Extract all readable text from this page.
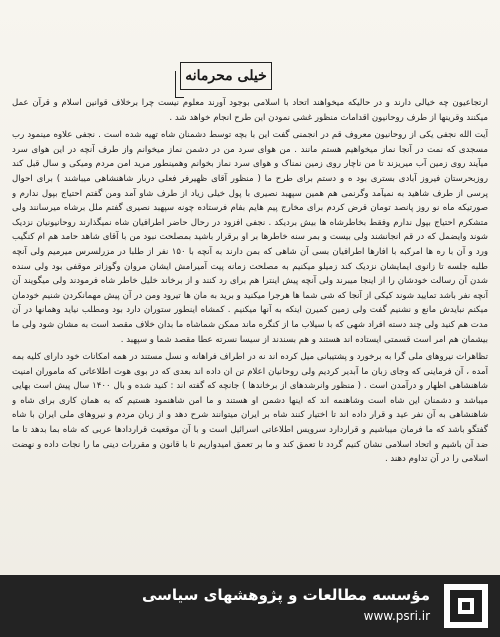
خیلی محرمانه

ارتجاعیون چه خیالی دارند و در حالیکه میخواهند اتحاد با اسلامی بوجود آورند معلوم نیست چرا برخلاف قوانین اسلام و قرآن عمل میکنند وقرینها از طرف روحانیون اقدامات منظور غشی نمودن این طرح انجام خواهد شد .

آیت الله نجفی یکی از روحانیون معروف قم در انجمنی گفت این با بچه توسط دشمنان شاه تهیه شده است . نجفی علاوه مینمود رب مسجدی که نمت در آنجا نماز میخواهیم هستم مانند . من هوای سرد من در دشمن نماز میخوانم واز طرف آنچه در این هوای سرد میآیند روی زمین آب میریزند تا من ناچار روی زمین نمناک و هوای سرد نماز بخوانم وهمینطور مرید امن مردم ومیکی و سال قبل کند روزبحرستان فیروز آبادی بستری بود ه و دستم برای طرح ما ( منظور آقای ظهیرفر فعلی دربار شاهنشاهی میباشند ) برای احوال پرسی از طرف شاهید به نمیآمد وگرنمی هم همین سپهبد نصیری با پول خیلی زیاد از طرف شاو آمد ومن گفتم احتیاج بپول ندارم و صورتیکه ماه نو روز پانصد تومان قرض کردم برای مخارج پیم هایم بفام فرستاده چونه سپهبد نصیری گفتم ملل برشاه میرسانند ولی متشکرم احتیاج بپول ندارم وفقط بخاطرشاه ها بیش بردیکد . نجفی افزود در رحال حاضر اطرافیان شاه نمیگذارند روحانیونیان نزدیک شوند وایضمل که در قم انجانشند ولی بیست و بمر سنه خاطرها بر او برقرار باشید بمصلحت نبود من با آقای شاهد حامد هم ام کنگیب ورد و آن با ره ها امرکبه با افارها اطرافیان بسی آن شاهی که بمن دارند به آنچه با ۱۵۰ نفر از طلبا در مزرلسرس میرمیم ولی آنچه طلبه جلسه تا زانوی ایمایشان نزدیک کند زمیلو میکنیم به مصلحت زمانه پیت آمیرامش ایشان مروان وگوزاتر موقفی بود ولی سنده شدن آن رسالت خودشان را از اینجا میبرند ولی آنچه پیش اینترا هم برای رد کنند و از برخاند خلیل خاطر شاه فرمودند ولی میگویند آن آنچه نفر باشد تمایید شوند کیکی از آنجا که شی شما ها هرجرا میکنید و برید به مان ها تیرود ومن در آن پیش مهمانکردن شنیم خودمان میکنم نبایدش مانع و نشنیم گفت ولی زمین کمیرن اینکه به آنها میکنیم . کمشاه اینطور ستوران دارد بود ومطلب نیاید وهمانها در آن مدت هم کنید ولی چند دسته افراد شهی که با سیلاب ما از کنگره ماند ممکن شماشاه ما بدان خلاف مقصد است به مشان شود ولی ما بیشمان هم امر است قسمتی ایستاده اند هستند و هم بسندند از سیسا نسرته عطا مقصد شما و سپهبد .

تظاهرات نیروهای ملی گرا به برخورد و پشتیبانی میل کرده اند نه در اطراف فراهانه و نسل مستند در همه امکانات خود دارای کلیه بمه آمده ، آن فرماینی که وجای زبان ما آبدیر کردیم ولی روحانیان اعلام تن ان داده اند بعدی که در بوی هوت اطلاعاتی که ماموران امنیت شاهنشاهی اظهار و درآمدن است . ( منظور وانرشدهای از برخاندها ) جانچه که گفته اند : کنید شده و بال ۱۴۰۰ سال پیش است بهایی میباشد و دشمنان این شاه است وشاهنمه اند که اینها دشمن او هستند و ما امن شاهنمود هستیم که به همان کاری برای شاه و شاهنشاهی به آن نفر عید و قرار داده اند تا اختیار کنند شاه بر ایران میتوانند شرح دهد و از زبان مردم و نیروهای ملی ایران با شاه گفتگو باشد که ما فرمان میباشیم و قراردارد سرویس اطلاعاتی اسرائیل است و با آن موقعیت قراردادها عربی که شاه بما بدهد تا ما ضد آن باشیم و اتحاد اسلامی نشان کنیم گردد تا تعمق کند و ما بر تعمق امیدواریم تا با قانون و مقررات دینی ما را نجات داده و نهضت اسلامی را در آن تداوم دهند .

مؤسسه مطالعات و پژوهشهای سیاسی
www.psri.ir
